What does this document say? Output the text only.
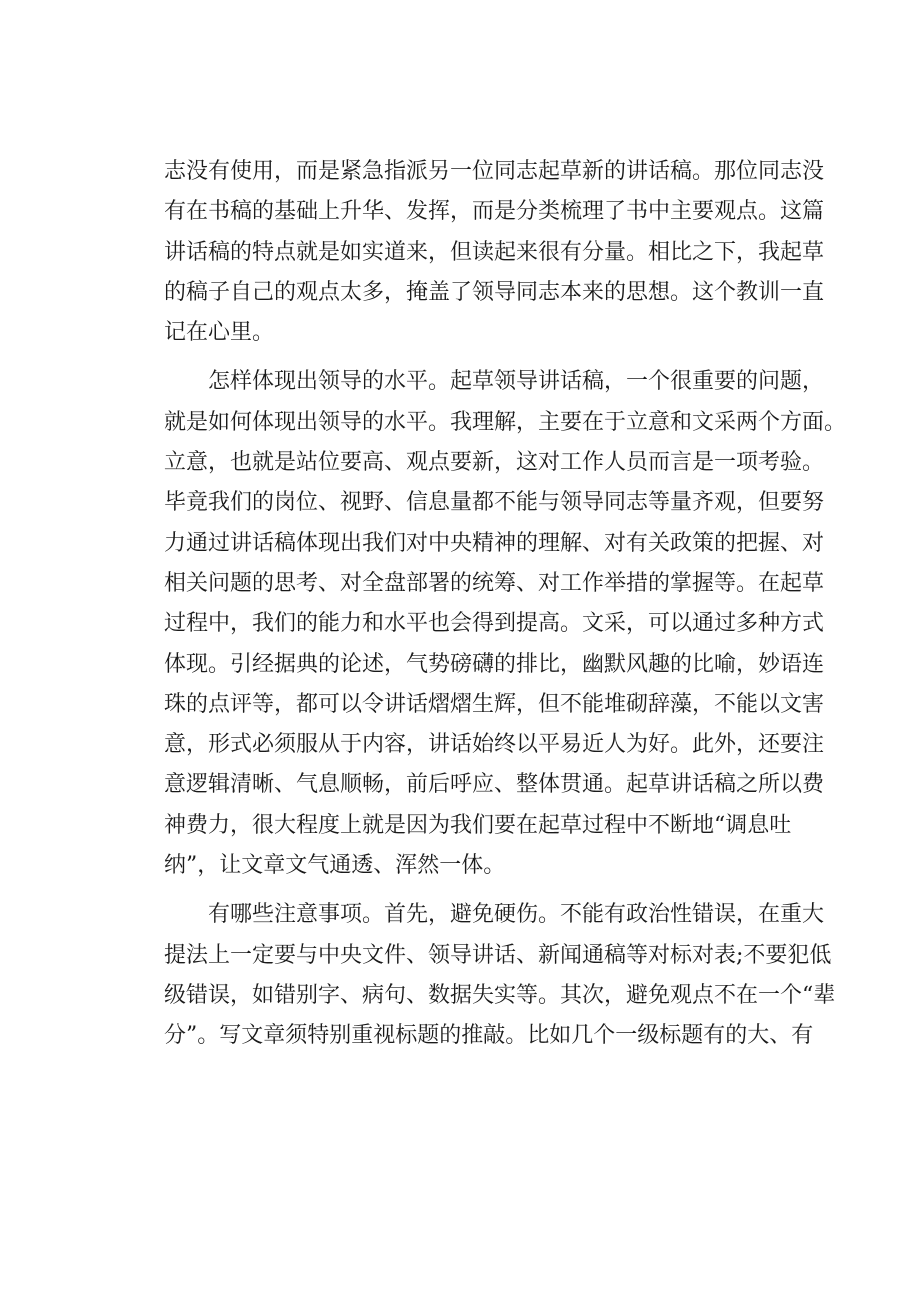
志没有使用，而是紧急指派另一位同志起草新的讲话稿。那位同志没
有在书稿的基础上升华、发挥，而是分类梳理了书中主要观点。这篇
讲话稿的特点就是如实道来，但读起来很有分量。相比之下，我起草
的稿子自己的观点太多，掩盖了领导同志本来的思想。这个教训一直
记在心里。
　　怎样体现出领导的水平。起草领导讲话稿，一个很重要的问题，
就是如何体现出领导的水平。我理解，主要在于立意和文采两个方面。
立意，也就是站位要高、观点要新，这对工作人员而言是一项考验。
毕竟我们的岗位、视野、信息量都不能与领导同志等量齐观，但要努
力通过讲话稿体现出我们对中央精神的理解、对有关政策的把握、对
相关问题的思考、对全盘部署的统筹、对工作举措的掌握等。在起草
过程中，我们的能力和水平也会得到提高。文采，可以通过多种方式
体现。引经据典的论述，气势磅礴的排比，幽默风趣的比喻，妙语连
珠的点评等，都可以令讲话熠熠生辉，但不能堆砌辞藻，不能以文害
意，形式必须服从于内容，讲话始终以平易近人为好。此外，还要注
意逻辑清晰、气息顺畅，前后呼应、整体贯通。起草讲话稿之所以费
神费力，很大程度上就是因为我们要在起草过程中不断地“调息吐
纳”，让文章文气通透、浑然一体。
　　有哪些注意事项。首先，避免硬伤。不能有政治性错误，在重大
提法上一定要与中央文件、领导讲话、新闻通稿等对标对表;不要犯低
级错误，如错别字、病句、数据失实等。其次，避免观点不在一个“辈
分”。写文章须特别重视标题的推敲。比如几个一级标题有的大、有
